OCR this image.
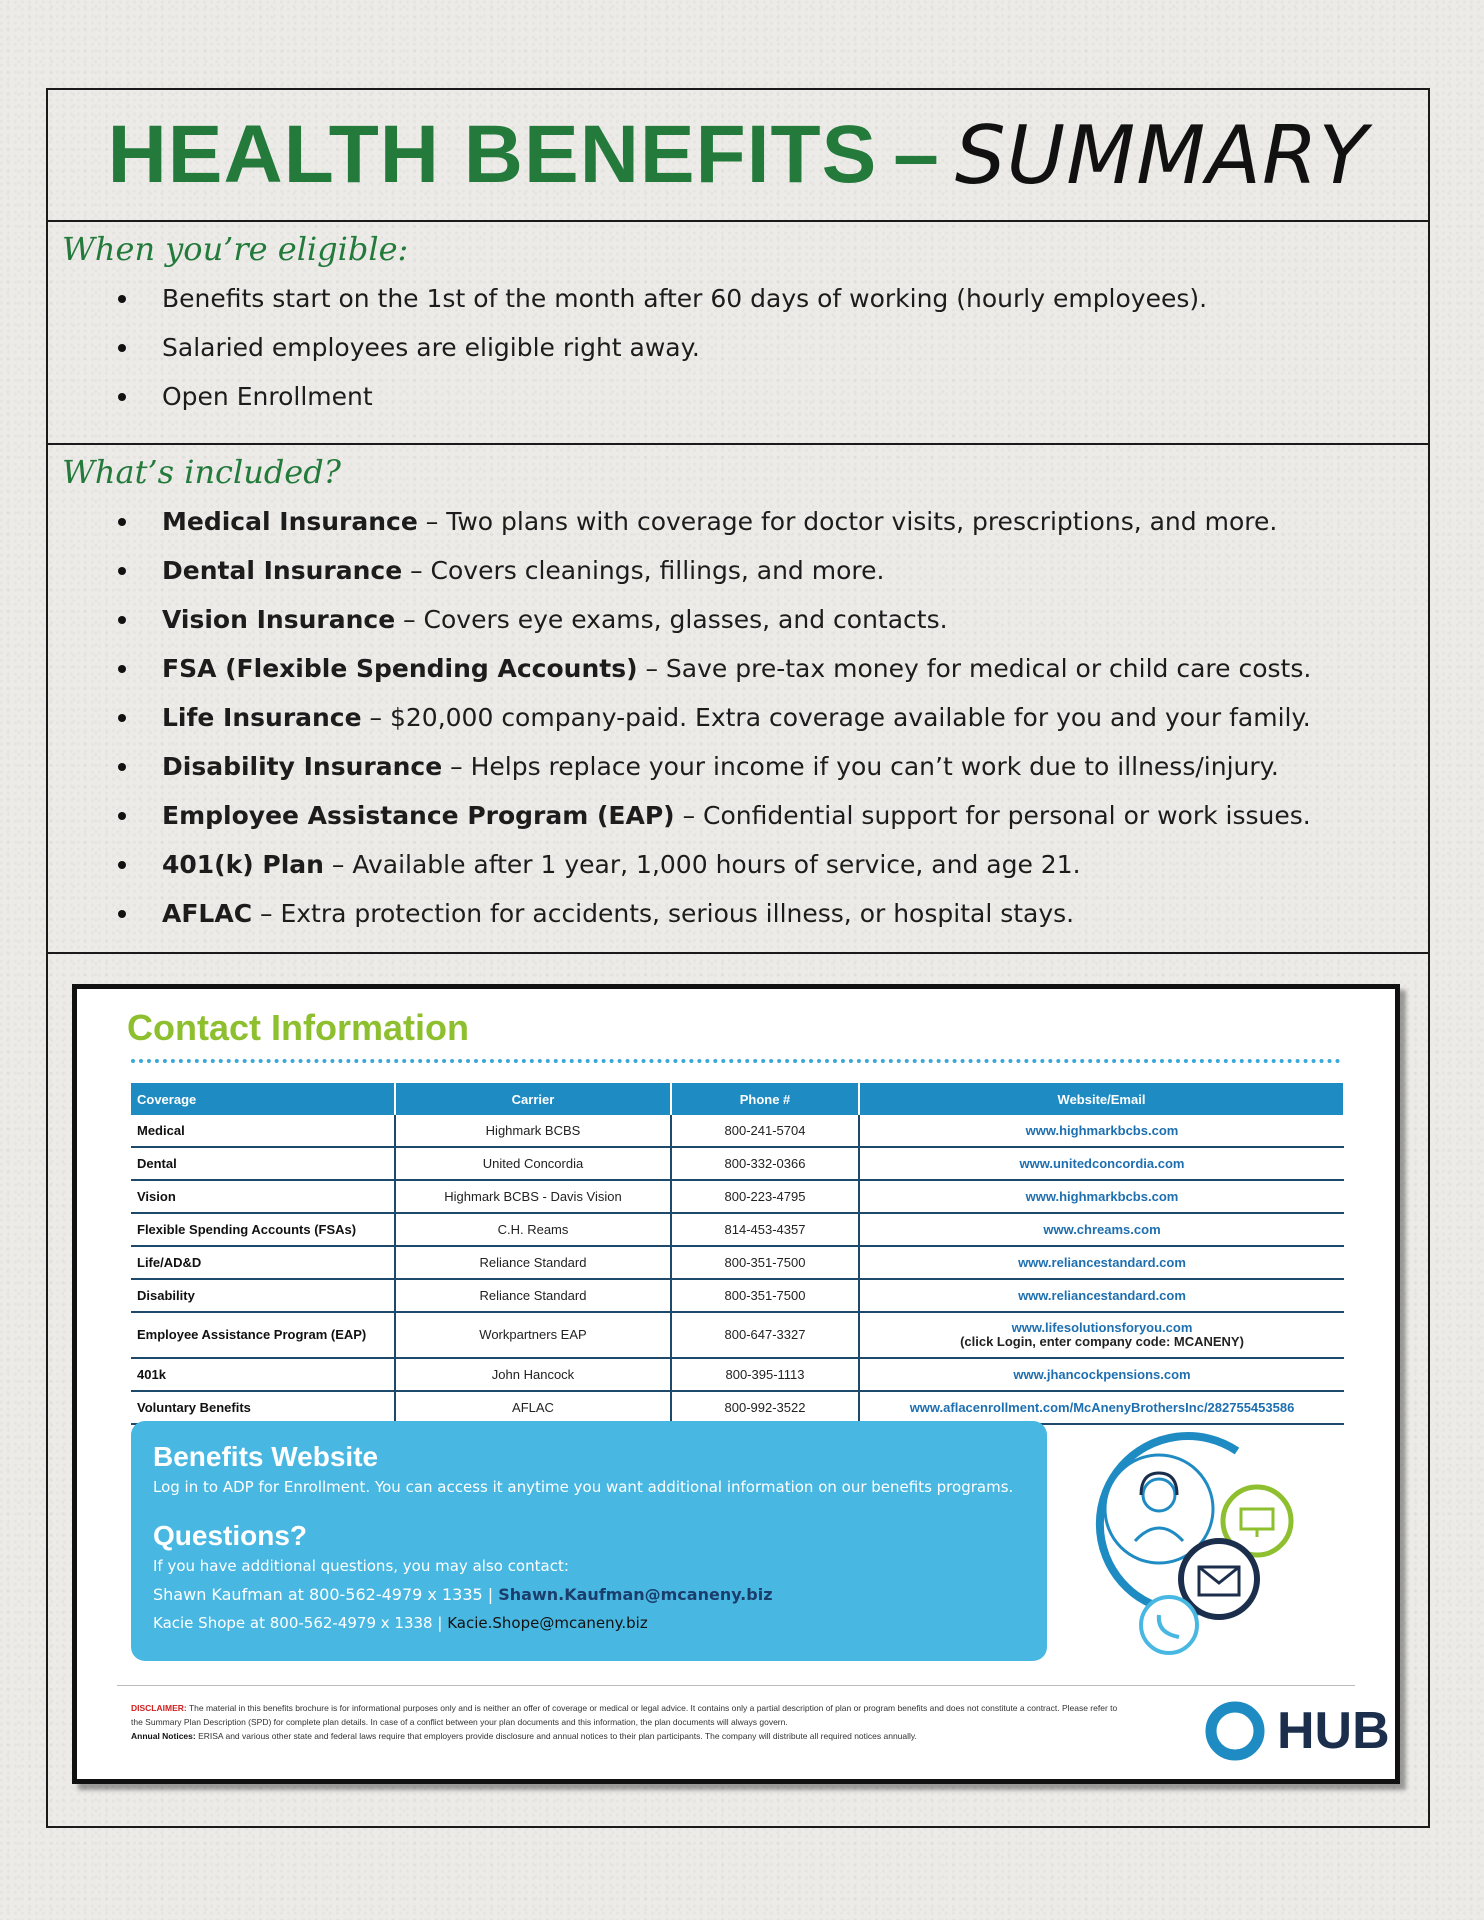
HEALTH BENEFITS – SUMMARY
When you’re eligible:
Benefits start on the 1st of the month after 60 days of working (hourly employees).
Salaried employees are eligible right away.
Open Enrollment
What’s included?
Medical Insurance – Two plans with coverage for doctor visits, prescriptions, and more.
Dental Insurance – Covers cleanings, fillings, and more.
Vision Insurance – Covers eye exams, glasses, and contacts.
FSA (Flexible Spending Accounts) – Save pre-tax money for medical or child care costs.
Life Insurance – $20,000 company-paid. Extra coverage available for you and your family.
Disability Insurance – Helps replace your income if you can’t work due to illness/injury.
Employee Assistance Program (EAP) – Confidential support for personal or work issues.
401(k) Plan – Available after 1 year, 1,000 hours of service, and age 21.
AFLAC – Extra protection for accidents, serious illness, or hospital stays.
Contact Information
Coverage	Carrier	Phone #	Website/Email
Medical	Highmark BCBS	800-241-5704	www.highmarkbcbs.com
Dental	United Concordia	800-332-0366	www.unitedconcordia.com
Vision	Highmark BCBS - Davis Vision	800-223-4795	www.highmarkbcbs.com
Flexible Spending Accounts (FSAs)	C.H. Reams	814-453-4357	www.chreams.com
Life/AD&D	Reliance Standard	800-351-7500	www.reliancestandard.com
Disability	Reliance Standard	800-351-7500	www.reliancestandard.com
Employee Assistance Program (EAP)	Workpartners EAP	800-647-3327	www.lifesolutionsforyou.com
(click Login, enter company code: MCANENY)

401k	John Hancock	800-395-1113	www.jhancockpensions.com
Voluntary Benefits	AFLAC	800-992-3522	www.aflacenrollment.com/McAnenyBrothersInc/282755453586
Benefits Website

Log in to ADP for Enrollment. You can access it anytime you want additional information on our benefits programs.

Questions?

If you have additional questions, you may also contact:

Shawn Kaufman at 800-562-4979 x 1335 | Shawn.Kaufman@mcaneny.biz
Kacie Shope at 800-562-4979 x 1338 | Kacie.Shope@mcaneny.biz
DISCLAIMER: The material in this benefits brochure is for informational purposes only and is neither an offer of coverage or medical or legal advice. It contains only a partial description of plan or program benefits and does not constitute a contract. Please refer to the Summary Plan Description (SPD) for complete plan details. In case of a conflict between your plan documents and this information, the plan documents will always govern.
Annual Notices: ERISA and various other state and federal laws require that employers provide disclosure and annual notices to their plan participants. The company will distribute all required notices annually.	HUB
